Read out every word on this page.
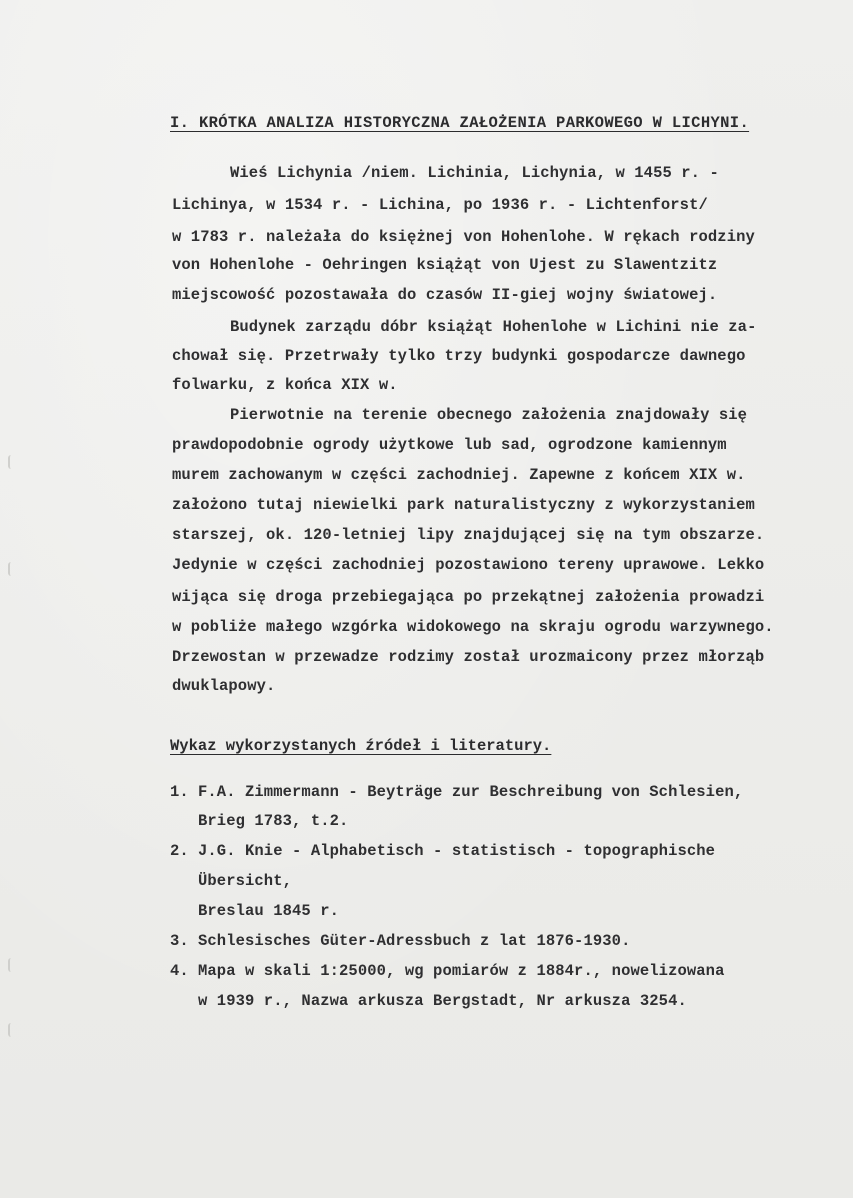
I. KRÓTKA ANALIZA HISTORYCZNA ZAŁOŻENIA PARKOWEGO W LICHYNI.
Wieś Lichynia /niem. Lichinia, Lichynia, w 1455 r. -
Lichinya, w 1534 r. - Lichina, po 1936 r. - Lichtenforst/
w 1783 r. należała do księżnej von Hohenlohe. W rękach rodziny
von Hohenlohe - Oehringen książąt von Ujest zu Slawentzitz
miejscowość pozostawała do czasów II-giej wojny światowej.
Budynek zarządu dóbr książąt Hohenlohe w Lichini nie za-
chował się. Przetrwały tylko trzy budynki gospodarcze dawnego
folwarku, z końca XIX w.
Pierwotnie na terenie obecnego założenia znajdowały się
prawdopodobnie ogrody użytkowe lub sad, ogrodzone kamiennym
murem zachowanym w części zachodniej. Zapewne z końcem XIX w.
założono tutaj niewielki park naturalistyczny z wykorzystaniem
starszej, ok. 120-letniej lipy znajdującej się na tym obszarze.
Jedynie w części zachodniej pozostawiono tereny uprawowe. Lekko
wijąca się droga przebiegająca po przekątnej założenia prowadzi
w pobliże małego wzgórka widokowego na skraju ogrodu warzywnego.
Drzewostan w przewadze rodzimy został urozmaicony przez młorząb
dwuklapowy.
Wykaz wykorzystanych źródeł i literatury.
1. F.A. Zimmermann - Beyträge zur Beschreibung von Schlesien,
Brieg 1783, t.2.
2. J.G. Knie - Alphabetisch - statistisch - topographische
Übersicht,
Breslau 1845 r.
3. Schlesisches Güter-Adressbuch z lat 1876-1930.
4. Mapa w skali 1:25000, wg pomiarów z 1884r., nowelizowana
w 1939 r., Nazwa arkusza Bergstadt, Nr arkusza 3254.
